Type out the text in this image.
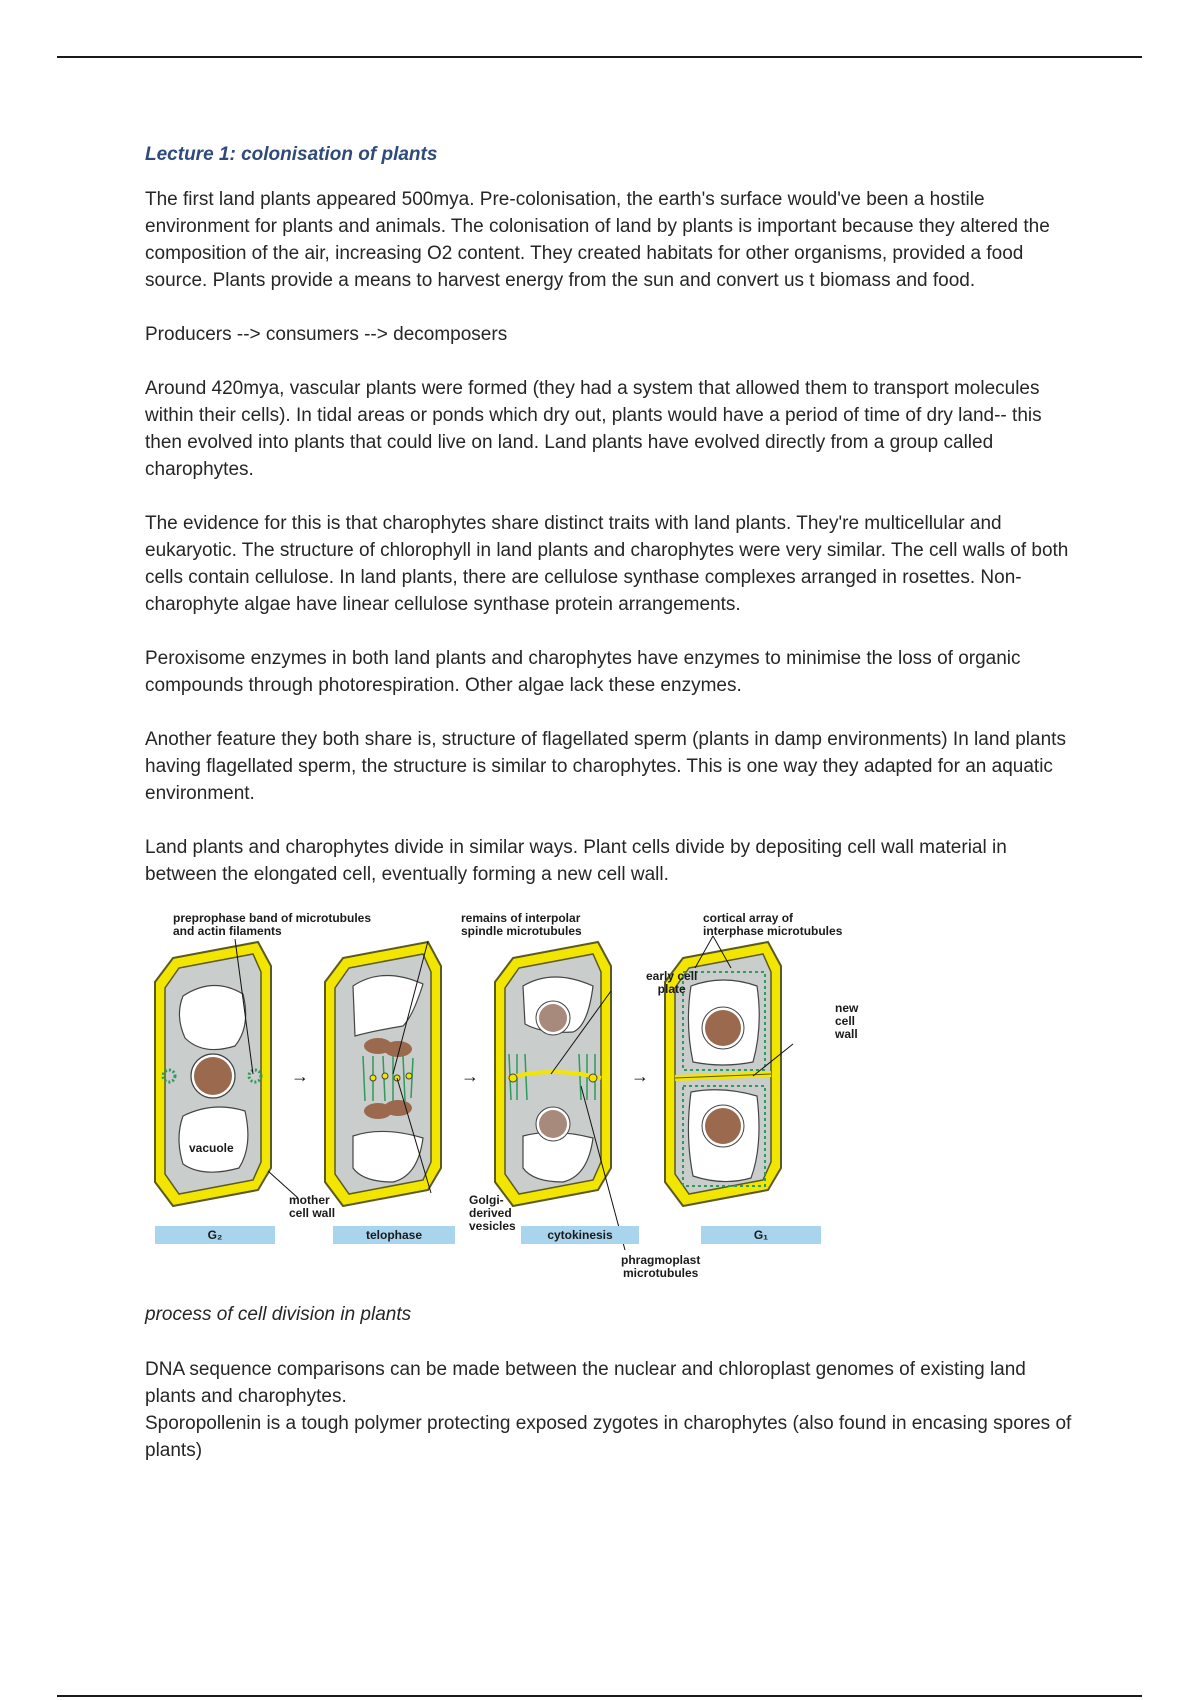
Lecture 1: colonisation of plants

The first land plants appeared 500mya. Pre-colonisation, the earth's surface would've been a hostile environment for plants and animals. The colonisation of land by plants is important because they altered the composition of the air, increasing O2 content. They created habitats for other organisms, provided a food source. Plants provide a means to harvest energy from the sun and convert us t biomass and food.

Producers --> consumers --> decomposers

Around 420mya, vascular plants were formed (they had a system that allowed them to transport molecules within their cells). In tidal areas or ponds which dry out, plants would have a period of time of dry land-- this then evolved into plants that could live on land. Land plants have evolved directly from a group called charophytes.

The evidence for this is that charophytes share distinct traits with land plants. They're multicellular and eukaryotic. The structure of chlorophyll in land plants and charophytes were very similar. The cell walls of both cells contain cellulose. In land plants, there are cellulose synthase complexes arranged in rosettes. Non-charophyte algae have linear cellulose synthase protein arrangements.

Peroxisome enzymes in both land plants and charophytes have enzymes to minimise the loss of organic compounds through photorespiration. Other algae lack these enzymes.

Another feature they both share is, structure of flagellated sperm (plants in damp environments) In land plants having flagellated sperm, the structure is similar to charophytes. This is one way they adapted for an aquatic environment.

Land plants and charophytes divide in similar ways. Plant cells divide by depositing cell wall material in between the elongated cell, eventually forming a new cell wall.

→	→	→
preprophase band of microtubules
and actin filaments
remains of interpolar
spindle microtubules
cortical array of
interphase microtubules
early cell
plate
new
cell
wall
vacuole
mother
cell wall
Golgi-
derived
vesicles
phragmoplast
microtubules
G₂	telophase	cytokinesis	G₁
process of cell division in plants

DNA sequence comparisons can be made between the nuclear and chloroplast genomes of existing land plants and charophytes.

Sporopollenin is a tough polymer protecting exposed zygotes in charophytes (also found in encasing spores of plants)
